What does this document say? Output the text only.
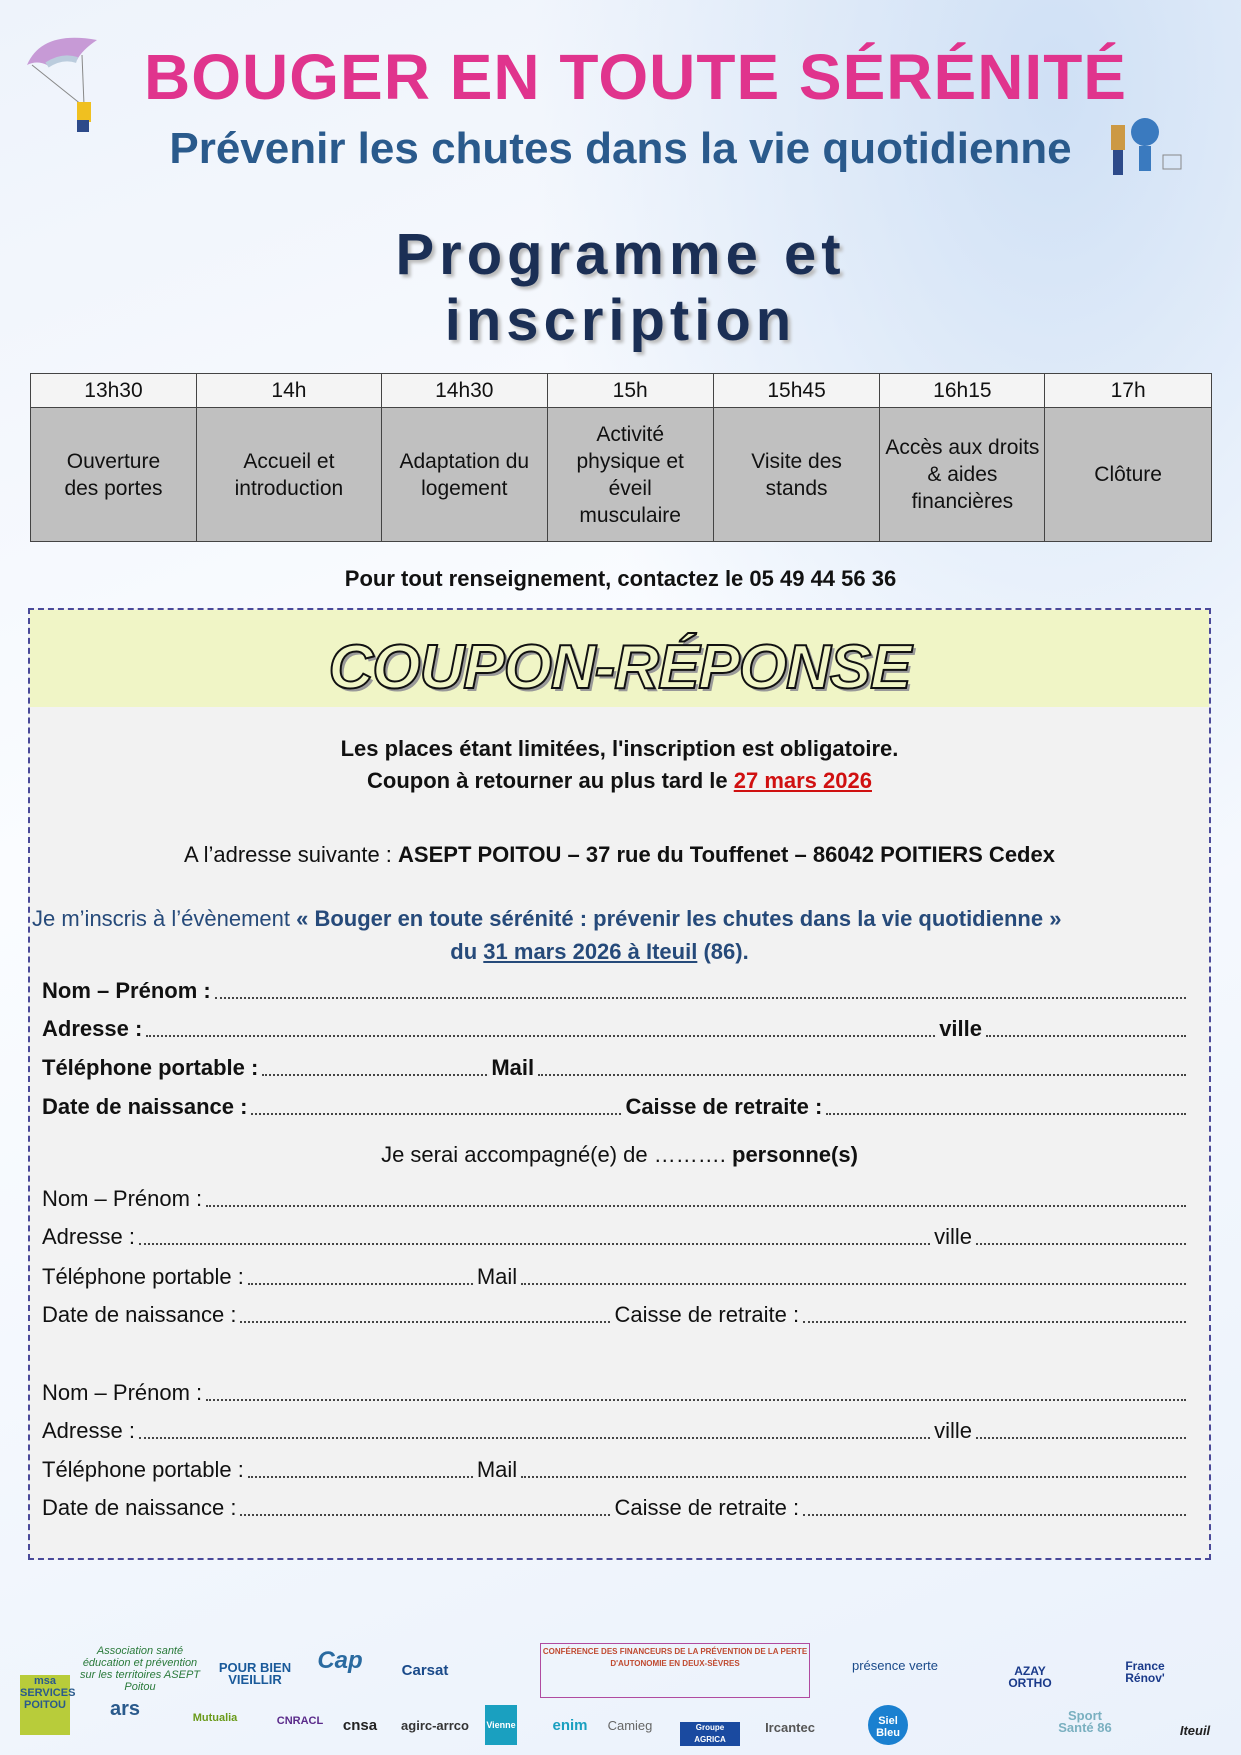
BOUGER EN TOUTE SÉRÉNITÉ
Prévenir les chutes dans la vie quotidienne
Programme et
inscription
13h30	14h	14h30	15h	15h45	16h15	17h
Ouverture des portes	Accueil et introduction	Adaptation du logement	Activité physique et éveil musculaire	Visite des stands	Accès aux droits & aides financières	Clôture
Pour tout renseignement, contactez le 05 49 44 56 36
COUPON-RÉPONSE
Les places étant limitées, l'inscription est obligatoire.
Coupon à retourner au plus tard le 27 mars 2026
A l’adresse suivante : ASEPT POITOU – 37 rue du Touffenet – 86042 POITIERS Cedex
Je m’inscris à l’évènement « Bouger en toute sérénité : prévenir les chutes dans la vie quotidienne »
du 31 mars 2026 à Iteuil (86).
Nom – Prénom :
Adresse :	ville
Téléphone portable :	Mail
Date de naissance :	Caisse de retraite :
Je serai accompagné(e) de ………. personne(s)
Nom – Prénom :
Adresse :	ville
Téléphone portable :	Mail
Date de naissance :	Caisse de retraite :
Nom – Prénom :
Adresse :	ville
Téléphone portable :	Mail
Date de naissance :	Caisse de retraite :
msa SERVICES POITOU
Association santé éducation et prévention sur les territoires ASEPT Poitou
ars
POUR BIEN VIEILLIR
Mutualia
Cap
CNRACL
Carsat
cnsa	agirc-arrco	Vienne
CONFÉRENCE DES FINANCEURS DE LA PRÉVENTION DE LA PERTE D'AUTONOMIE EN DEUX-SÈVRES
enim	Camieg	Groupe AGRICA
Ircantec
présence verte
Siel Bleu
AZAY ORTHO
Sport Santé 86
France Rénov'
Iteuil
